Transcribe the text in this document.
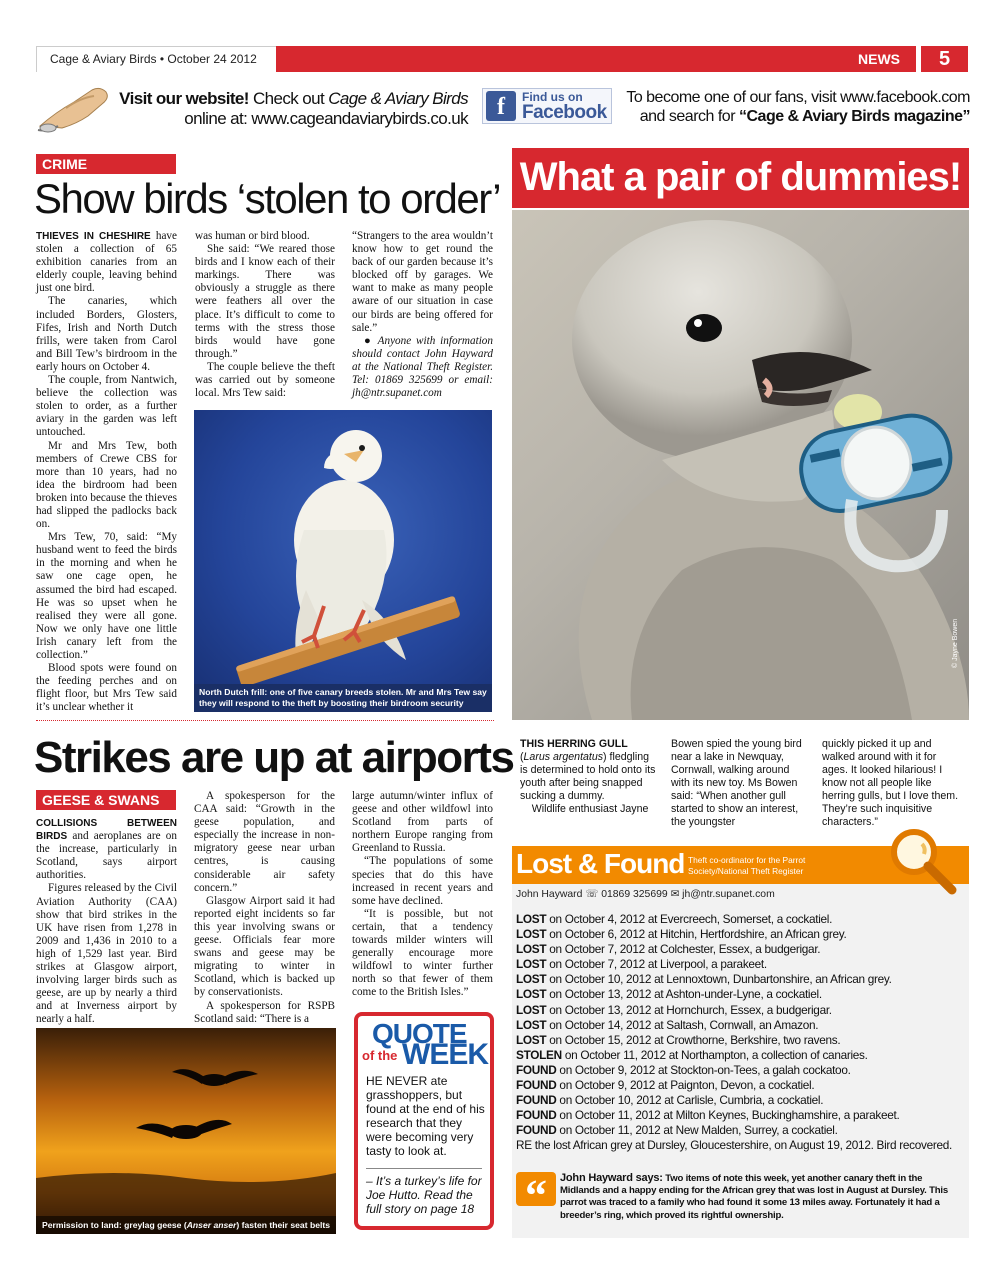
Cage & Aviary Birds • October 24 2012	NEWS	5
Visit our website! Check out Cage & Aviary Birds online at: www.cageandaviarybirds.co.uk	f	Find us on
Facebook
To become one of our fans, visit www.facebook.com and search for “Cage & Aviary Birds magazine”
CRIME
Show birds ‘stolen to order’

THIEVES IN CHESHIRE have stolen a collection of 65 exhibition canaries from an elderly couple, leaving behind just one bird.

The canaries, which included Borders, Glosters, Fifes, Irish and North Dutch frills, were taken from Carol and Bill Tew’s birdroom in the early hours on October 4.

The couple, from Nantwich, believe the collection was stolen to order, as a further aviary in the garden was left untouched.

Mr and Mrs Tew, both members of Crewe CBS for more than 10 years, had no idea the birdroom had been broken into because the thieves had slipped the padlocks back on.

Mrs Tew, 70, said: “My husband went to feed the birds in the morning and when he saw one cage open, he assumed the bird had escaped. He was so upset when he realised they were all gone. Now we only have one little Irish canary left from the collection.”

Blood spots were found on the feeding perches and on flight floor, but Mrs Tew said it’s unclear whether it

was human or bird blood.

She said: “We reared those birds and I know each of their markings. There was obviously a struggle as there were feathers all over the place. It’s difficult to come to terms with the stress those birds would have gone through.”

The couple believe the theft was carried out by someone local. Mrs Tew said:

“Strangers to the area wouldn’t know how to get round the back of our garden because it’s blocked off by garages. We want to make as many people aware of our situation in case our birds are being offered for sale.”

● Anyone with information should contact John Hayward at the National Theft Register. Tel: 01869 325699 or email: jh@ntr.supanet.com

North Dutch frill: one of five canary breeds stolen. Mr and Mrs Tew say they will respond to the theft by boosting their birdroom security
What a pair of dummies!
© Jayne Bowen
THIS HERRING GULL (Larus argentatus) fledgling is determined to hold onto its youth after being snapped sucking a dummy.
Wildlife enthusiast Jayne
Bowen spied the young bird near a lake in Newquay, Cornwall, walking around with its new toy. Ms Bowen said: “When another gull started to show an interest, the youngster
quickly picked it up and walked around with it for ages. It looked hilarious! I know not all people like herring gulls, but I love them. They’re such inquisitive characters.”
Strikes are up at airports
GEESE & SWANS

COLLISIONS BETWEEN BIRDS and aeroplanes are on the increase, particularly in Scotland, says airport authorities.

Figures released by the Civil Aviation Authority (CAA) show that bird strikes in the UK have risen from 1,278 in 2009 and 1,436 in 2010 to a high of 1,529 last year. Bird strikes at Glasgow airport, involving larger birds such as geese, are up by nearly a third and at Inverness airport by nearly a half.

A spokesperson for the CAA said: “Growth in the geese population, and especially the increase in non-migratory geese near urban centres, is causing considerable air safety concern.”

Glasgow Airport said it had reported eight incidents so far this year involving swans or geese. Officials fear more swans and geese may be migrating to winter in Scotland, which is backed up by conservationists.

A spokesperson for RSPB Scotland said: “There is a

large autumn/winter influx of geese and other wildfowl into Scotland from parts of northern Europe ranging from Greenland to Russia.

“The populations of some species that do this have increased in recent years and some have declined.

“It is possible, but not certain, that a tendency towards milder winters will generally encourage more wildfowl to winter further north so that fewer of them come to the British Isles.”

Permission to land: greylag geese (Anser anser) fasten their seat belts
QUOTE
of the WEEK
HE NEVER ate grasshoppers, but found at the end of his research that they were becoming very tasty to look at.
– It’s a turkey’s life for Joe Hutto. Read the full story on page 18
Lost & Found Theft co-ordinator for the Parrot Society/National Theft Register
John Hayward ☏ 01869 325699 ✉ jh@ntr.supanet.com
LOST on October 4, 2012 at Evercreech, Somerset, a cockatiel.
LOST on October 6, 2012 at Hitchin, Hertfordshire, an African grey.
LOST on October 7, 2012 at Colchester, Essex, a budgerigar.
LOST on October 7, 2012 at Liverpool, a parakeet.
LOST on October 10, 2012 at Lennoxtown, Dunbartonshire, an African grey.
LOST on October 13, 2012 at Ashton-under-Lyne, a cockatiel.
LOST on October 13, 2012 at Hornchurch, Essex, a budgerigar.
LOST on October 14, 2012 at Saltash, Cornwall, an Amazon.
LOST on October 15, 2012 at Crowthorne, Berkshire, two ravens.
STOLEN on October 11, 2012 at Northampton, a collection of canaries.
FOUND on October 9, 2012 at Stockton-on-Tees, a galah cockatoo.
FOUND on October 9, 2012 at Paignton, Devon, a cockatiel.
FOUND on October 10, 2012 at Carlisle, Cumbria, a cockatiel.
FOUND on October 11, 2012 at Milton Keynes, Buckinghamshire, a parakeet.
FOUND on October 11, 2012 at New Malden, Surrey, a cockatiel.
RE the lost African grey at Dursley, Gloucestershire, on August 19, 2012. Bird recovered.
“	John Hayward says: Two items of note this week, yet another canary theft in the Midlands and a happy ending for the African grey that was lost in August at Dursley. This parrot was traced to a family who had found it some 13 miles away. Fortunately it had a breeder’s ring, which proved its rightful ownership.
